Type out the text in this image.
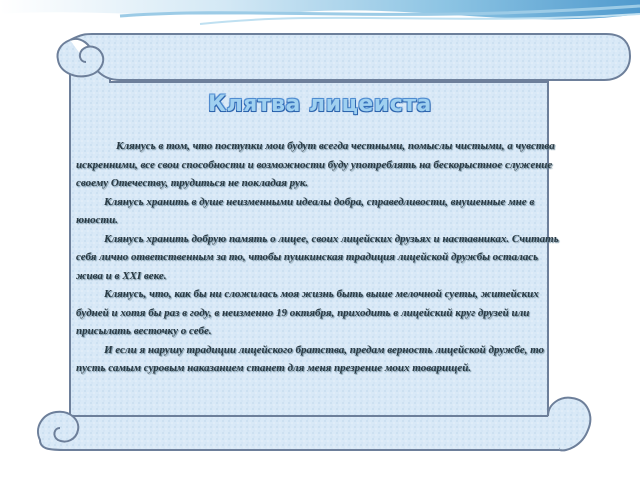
Клятва лицеиста

Клянусь в том, что поступки мои будут всегда честными, помыслы чистыми, а чувства искренними, все свои способности и возможности буду употреблять на бескорыстное служение своему Отечеству, трудиться не покладая рук.

Клянусь хранить в душе неизменными идеалы добра, справедливости, внушенные мне в юности.

Клянусь хранить добрую память о лицее, своих лицейских друзьях и наставниках. Считать себя лично ответственным за то, чтобы пушкинская традиция лицейской дружбы осталась жива и в XXI веке.

Клянусь, что, как бы ни сложилась моя жизнь быть выше мелочной суеты, житейских будней и хотя бы раз в году, в неизменно 19 октября, приходить в лицейский круг друзей или присылать весточку о себе.

И если я нарушу традиции лицейского братства, предам верность лицейской дружбе, то пусть самым суровым наказанием станет для меня презрение моих товарищей.
